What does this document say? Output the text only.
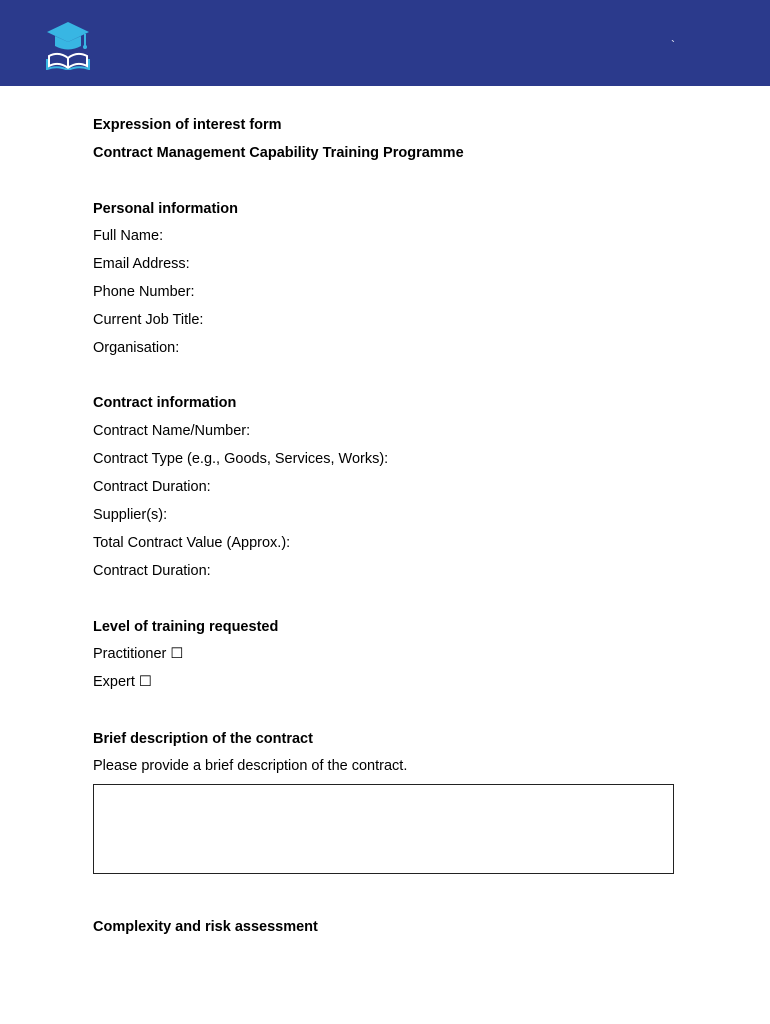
`
Expression of interest form
Contract Management Capability Training Programme
Personal information
Full Name:
Email Address:
Phone Number:
Current Job Title:
Organisation:
Contract information
Contract Name/Number:
Contract Type (e.g., Goods, Services, Works):
Contract Duration:
Supplier(s):
Total Contract Value (Approx.):
Contract Duration:
Level of training requested
Practitioner ☐
Expert ☐
Brief description of the contract
Please provide a brief description of the contract.
Complexity and risk assessment
